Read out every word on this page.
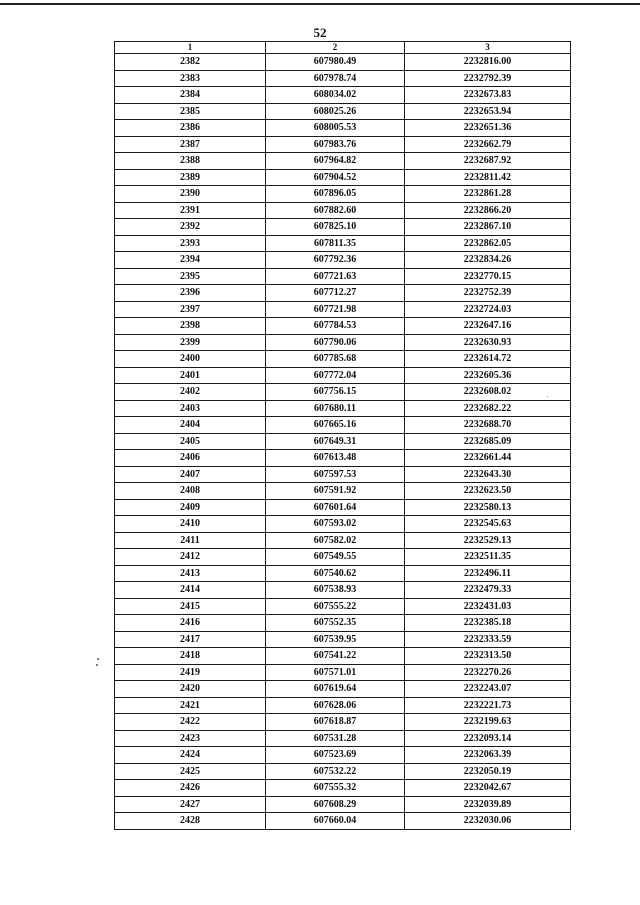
52
1	2	3
2382	607980.49	2232816.00
2383	607978.74	2232792.39
2384	608034.02	2232673.83
2385	608025.26	2232653.94
2386	608005.53	2232651.36
2387	607983.76	2232662.79
2388	607964.82	2232687.92
2389	607904.52	2232811.42
2390	607896.05	2232861.28
2391	607882.60	2232866.20
2392	607825.10	2232867.10
2393	607811.35	2232862.05
2394	607792.36	2232834.26
2395	607721.63	2232770.15
2396	607712.27	2232752.39
2397	607721.98	2232724.03
2398	607784.53	2232647.16
2399	607790.06	2232630.93
2400	607785.68	2232614.72
2401	607772.04	2232605.36
2402	607756.15	2232608.02
2403	607680.11	2232682.22
2404	607665.16	2232688.70
2405	607649.31	2232685.09
2406	607613.48	2232661.44
2407	607597.53	2232643.30
2408	607591.92	2232623.50
2409	607601.64	2232580.13
2410	607593.02	2232545.63
2411	607582.02	2232529.13
2412	607549.55	2232511.35
2413	607540.62	2232496.11
2414	607538.93	2232479.33
2415	607555.22	2232431.03
2416	607552.35	2232385.18
2417	607539.95	2232333.59
2418	607541.22	2232313.50
2419	607571.01	2232270.26
2420	607619.64	2232243.07
2421	607628.06	2232221.73
2422	607618.87	2232199.63
2423	607531.28	2232093.14
2424	607523.69	2232063.39
2425	607532.22	2232050.19
2426	607555.32	2232042.67
2427	607608.29	2232039.89
2428	607660.04	2232030.06
